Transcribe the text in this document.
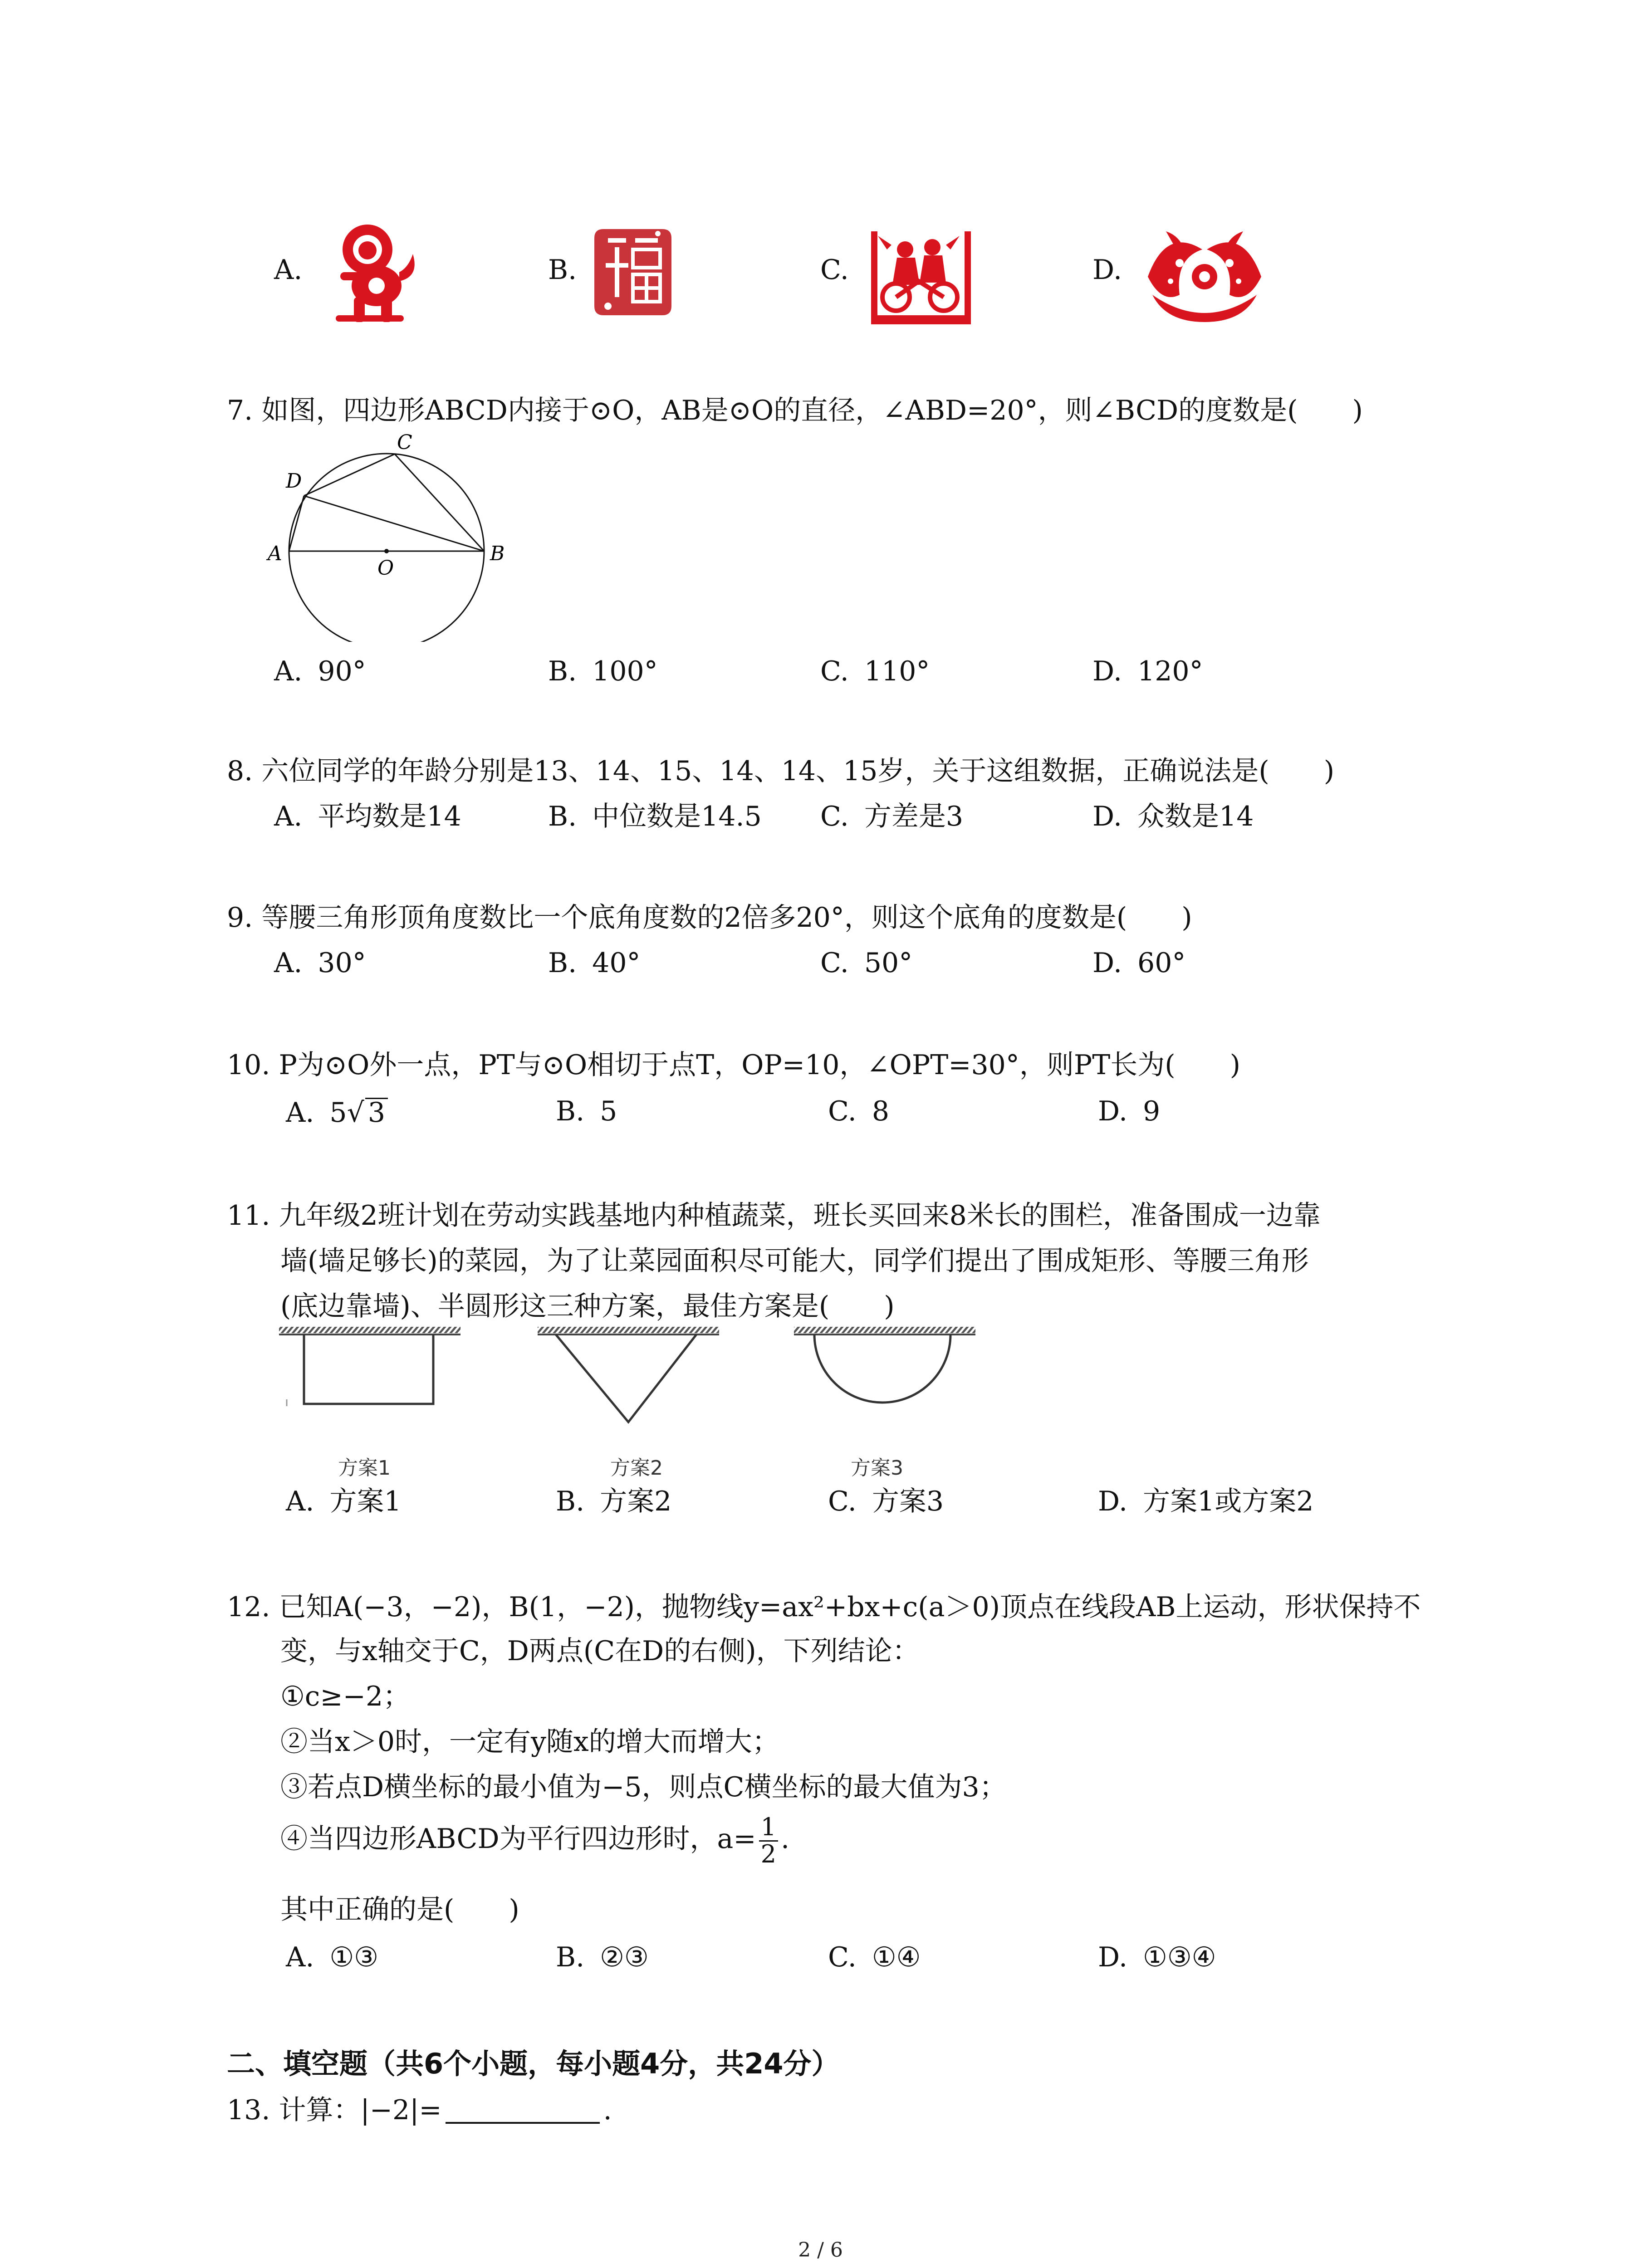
A.	B.	C.	D.
7. 如图，四边形ABCD内接于⊙O，AB是⊙O的直径，∠ABD=20°，则∠BCD的度数是(　　)
A	B
C
D
O
A. 90°	B. 100°	C. 110°	D. 120°
8. 六位同学的年龄分别是13、14、15、14、14、15岁，关于这组数据，正确说法是(　　)
A. 平均数是14	B. 中位数是14.5 C. 方差是3	D. 众数是14
9. 等腰三角形顶角度数比一个底角度数的2倍多20°，则这个底角的度数是(　　)
A. 30°	B. 40°	C. 50°	D. 60°
10. P为⊙O外一点，PT与⊙O相切于点T，OP=10，∠OPT=30°，则PT长为(　　)
A. 5√ 3	B. 5	C. 8	D. 9
11. 九年级2班计划在劳动实践基地内种植蔬菜，班长买回来8米长的围栏，准备围成一边靠
墙(墙足够长)的菜园，为了让菜园面积尽可能大，同学们提出了围成矩形、等腰三角形
(底边靠墙)、半圆形这三种方案，最佳方案是(　　)
方案1	方案2	方案3
A. 方案1	B. 方案2	C. 方案3	D. 方案1或方案2
12. 已知A(−3，−2)，B(1，−2)，抛物线y=ax²+bx+c(a＞0)顶点在线段AB上运动，形状保持不
变，与x轴交于C，D两点(C在D的右侧)，下列结论：
①c≥−2；
②当x＞0时，一定有y随x的增大而增大；
③若点D横坐标的最小值为−5，则点C横坐标的最大值为3；
④当四边形ABCD为平行四边形时，$a= \frac{1}{2}$ .
其中正确的是(　　)
A. ①③	B. ②③	C. ①④	D. ①③④
二、填空题（共6个小题，每小题4分，共24分）
13. 计算：|−2|=	.
2 / 6
